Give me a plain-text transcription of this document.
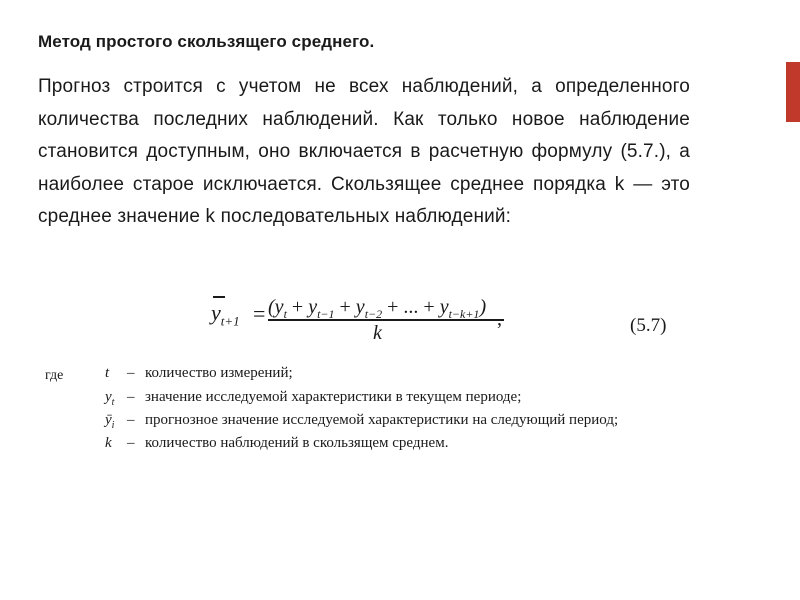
Метод простого скользящего среднего.
Прогноз строится с учетом не всех наблюдений, а определенного количества последних наблюдений. Как только новое наблюдение становится доступным, оно включается в расчетную формулу (5.7.), а наиболее старое исключается. Скользящее среднее порядка k — это среднее значение k последовательных наблюдений:
$y_{t+1} = (y_t + y_{t-1} + y_{t-2}$ + ... + $y_{t-k+1}$)
k
,	(5.7)
где	t – количество измерений;
$y_t$ – значение исследуемой характеристики в текущем периоде;
$ȳ_i$ – прогнозное значение исследуемой характеристики на следующий период;
k – количество наблюдений в скользящем среднем.
